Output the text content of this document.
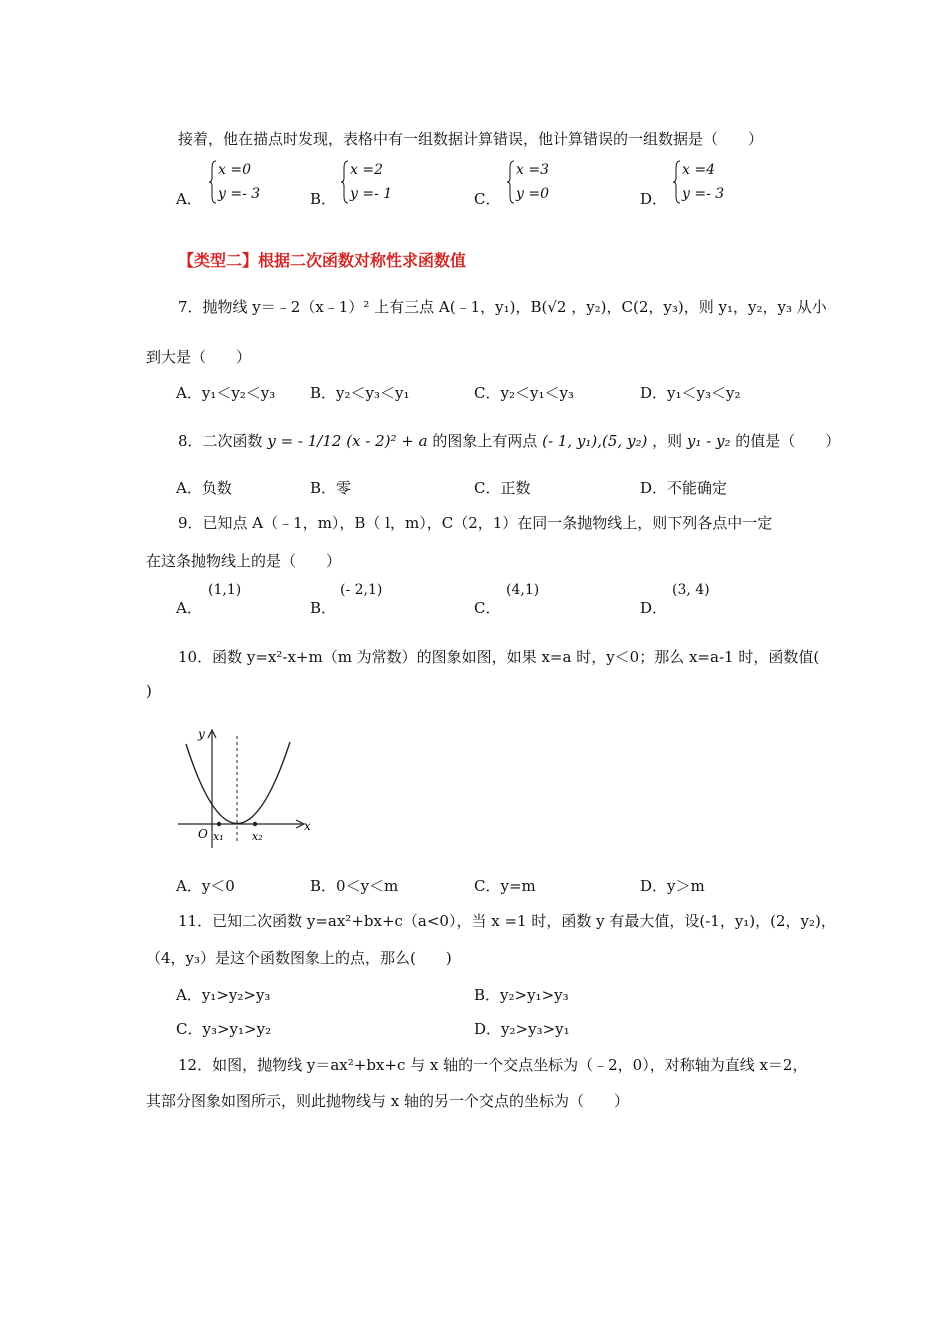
接着，他在描点时发现，表格中有一组数据计算错误，他计算错误的一组数据是（　　）
A．
x =0
y =- 3	B．
x =2
y =- 1	C．
x =3
y =0	D．
x =4
y =- 3
【类型二】根据二次函数对称性求函数值
7．抛物线 y＝﹣2（x﹣1）² 上有三点 A(﹣1，y₁)，B(√2 ，y₂)，C(2，y₃)，则 y₁，y₂，y₃ 从小
到大是（　　）
A．y₁＜y₂＜y₃ B．y₂＜y₃＜y₁	C．y₂＜y₁＜y₃	D．y₁＜y₃＜y₂
8．二次函数 y = - 1/12 (x - 2)² + a 的图象上有两点 (- 1, y₁),(5, y₂) ，则 y₁ - y₂ 的值是（　　）
A．负数	B．零	C．正数	D．不能确定
9．已知点 A（﹣1，m），B（ l，m），C（2，1）在同一条抛物线上，则下列各点中一定
在这条抛物线上的是（　　）
A．
(1,1)
B．
(- 2,1)
C．
(4,1)
D．
(3, 4)
10．函数 y=x²-x+m（m 为常数）的图象如图，如果 x=a 时，y＜0；那么 x=a-1 时，函数值(
)
y
x
O x₁	x₂
A．y＜0	B．0＜y＜m	C．y=m	D．y＞m
11．已知二次函数 y=ax²+bx+c（a<0），当 x =1 时，函数 y 有最大值，设(-1，y₁)，(2，y₂)，
（4，y₃）是这个函数图象上的点，那么(　　)
A．y₁>y₂>y₃	B．y₂>y₁>y₃
C．y₃>y₁>y₂	D．y₂>y₃>y₁
12．如图，抛物线 y＝ax²+bx+c 与 x 轴的一个交点坐标为（﹣2，0），对称轴为直线 x＝2，
其部分图象如图所示，则此抛物线与 x 轴的另一个交点的坐标为（　　）
